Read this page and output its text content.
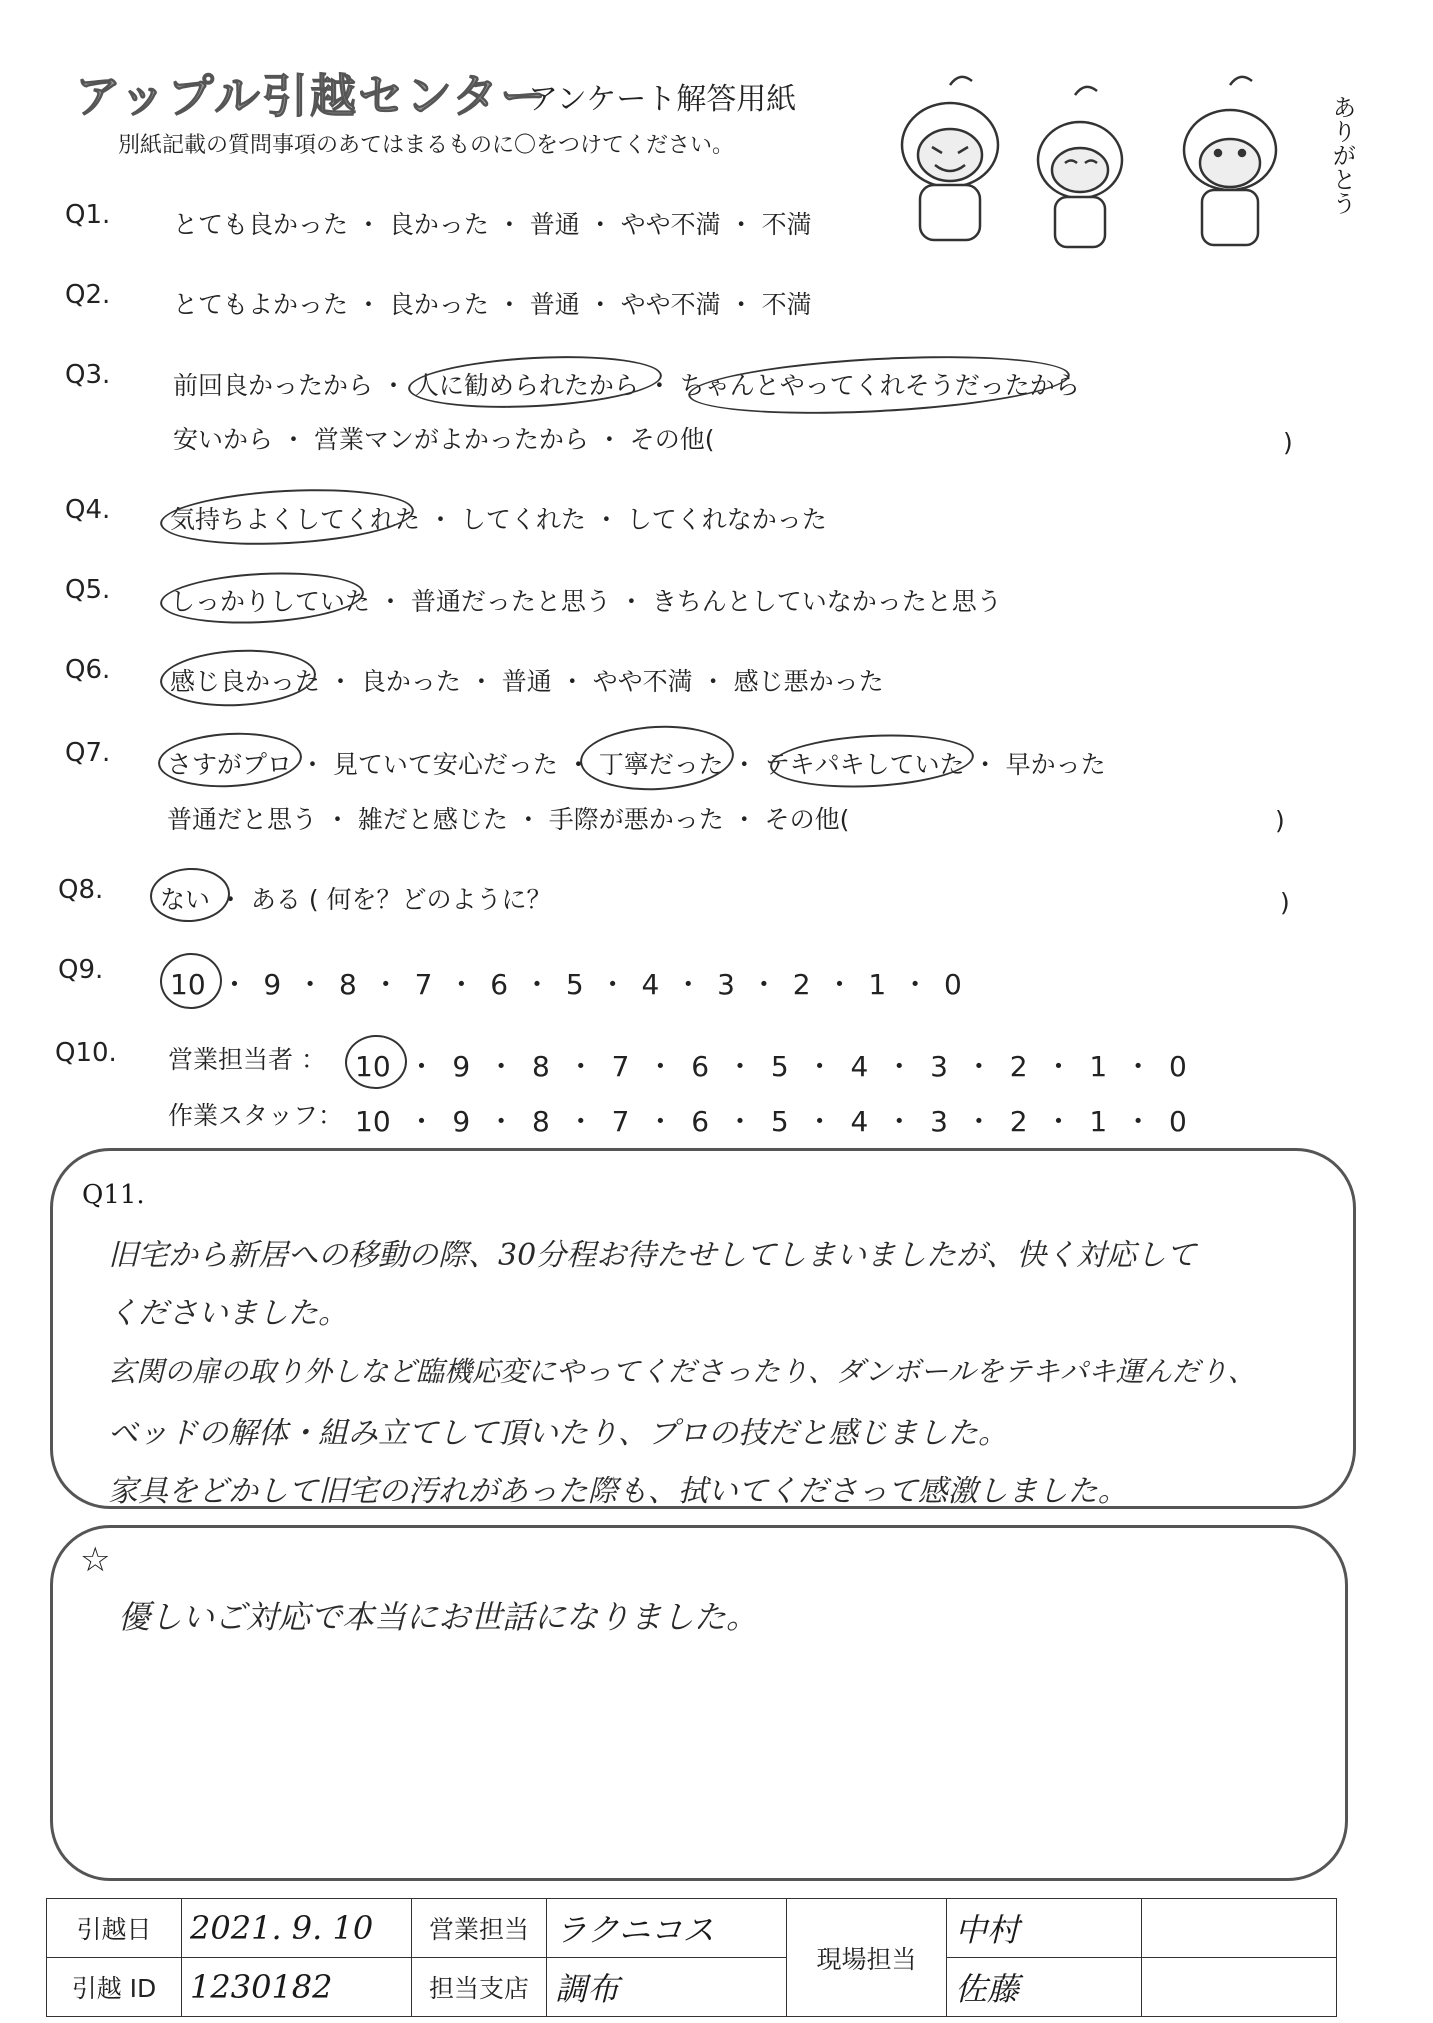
アップル引越センター
アンケート解答用紙
別紙記載の質問事項のあてはまるものに〇をつけてください。	ありがとう
Q1.	とても良かった ・ 良かった ・ 普通 ・ やや不満 ・ 不満
Q2.	とてもよかった ・ 良かった ・ 普通 ・ やや不満 ・ 不満
Q3.	前回良かったから ・ 人に勧められたから ・ ちゃんとやってくれそうだったから
安いから ・ 営業マンがよかったから ・ その他(	)
Q4. 気持ちよくしてくれた ・ してくれた ・ してくれなかった
Q5. しっかりしていた ・ 普通だったと思う ・ きちんとしていなかったと思う
Q6. 感じ良かった ・ 良かった ・ 普通 ・ やや不満 ・ 感じ悪かった
Q7. さすがプロ ・ 見ていて安心だった ・ 丁寧だった ・ テキパキしていた ・ 早かった
普通だと思う ・ 雑だと感じた ・ 手際が悪かった ・ その他(	)
Q8. ない ・ ある ( 何を？どのように？	)
Q9. 10 ・ 9 ・ 8 ・ 7 ・ 6 ・ 5 ・ 4 ・ 3 ・ 2 ・ 1 ・ 0
Q10. 営業担当者 ： 10 ・ 9 ・ 8 ・ 7 ・ 6 ・ 5 ・ 4 ・ 3 ・ 2 ・ 1 ・ 0
作業スタッフ： 10 ・ 9 ・ 8 ・ 7 ・ 6 ・ 5 ・ 4 ・ 3 ・ 2 ・ 1 ・ 0
Q11.
旧宅から新居への移動の際、30分程お待たせしてしまいましたが、快く対応して
くださいました。
玄関の扉の取り外しなど臨機応変にやってくださったり、ダンボールをテキパキ運んだり、
ベッドの解体・組み立てして頂いたり、プロの技だと感じました。
家具をどかして旧宅の汚れがあった際も、拭いてくださって感激しました。
☆
優しいご対応で本当にお世話になりました。
引越日	2021. 9. 10	営業担当	ラクニコス	現場担当	中村	
引越 ID	1230182	担当支店	調布		佐藤	
